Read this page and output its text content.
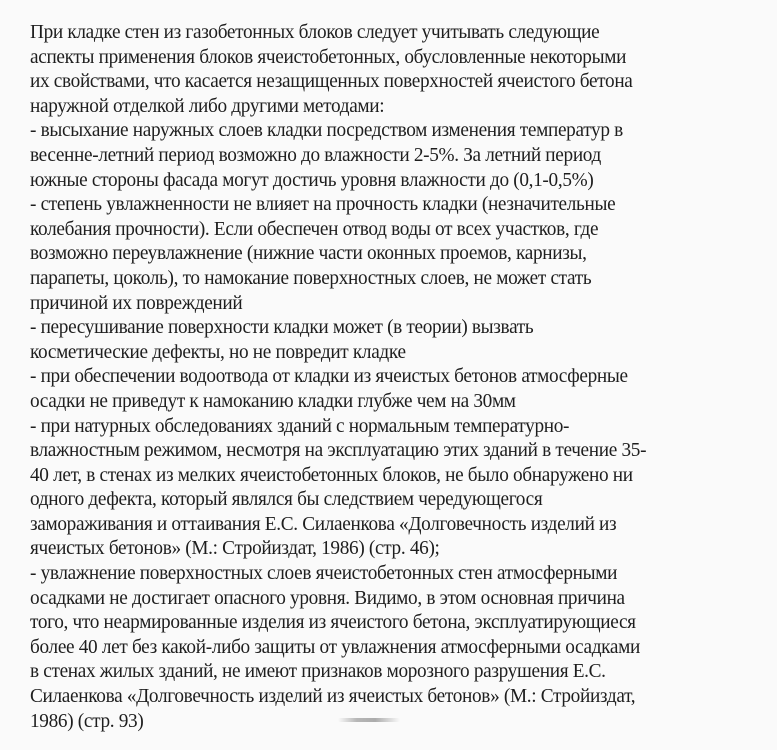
При кладке стен из газобетонных блоков следует учитывать следующие
аспекты применения блоков ячеистобетонных, обусловленные некоторыми
их свойствами, что касается незащищенных поверхностей ячеистого бетона
наружной отделкой либо другими методами:
- высыхание наружных слоев кладки посредством изменения температур в
весенне-летний период возможно до влажности 2-5%. За летний период
южные стороны фасада могут достичь уровня влажности до (0,1-0,5%)
- степень увлажненности не влияет на прочность кладки (незначительные
колебания прочности). Если обеспечен отвод воды от всех участков, где
возможно переувлажнение (нижние части оконных проемов, карнизы,
парапеты, цоколь), то намокание поверхностных слоев, не может стать
причиной их повреждений
- пересушивание поверхности кладки может (в теории) вызвать
косметические дефекты, но не повредит кладке
- при обеспечении водоотвода от кладки из ячеистых бетонов атмосферные
осадки не приведут к намоканию кладки глубже чем на 30мм
- при натурных обследованиях зданий с нормальным температурно-
влажностным режимом, несмотря на эксплуатацию этих зданий в течение 35-
40 лет, в стенах из мелких ячеистобетонных блоков, не было обнаружено ни
одного дефекта, который являлся бы следствием чередующегося
замораживания и оттаивания Е.С. Силаенкова «Долговечность изделий из
ячеистых бетонов» (М.: Стройиздат, 1986) (стр. 46);
- увлажнение поверхностных слоев ячеистобетонных стен атмосферными
осадками не достигает опасного уровня. Видимо, в этом основная причина
того, что неармированные изделия из ячеистого бетона, эксплуатирующиеся
более 40 лет без какой-либо защиты от увлажнения атмосферными осадками
в стенах жилых зданий, не имеют признаков морозного разрушения Е.С.
Силаенкова «Долговечность изделий из ячеистых бетонов» (М.: Стройиздат,
1986) (стр. 93)
